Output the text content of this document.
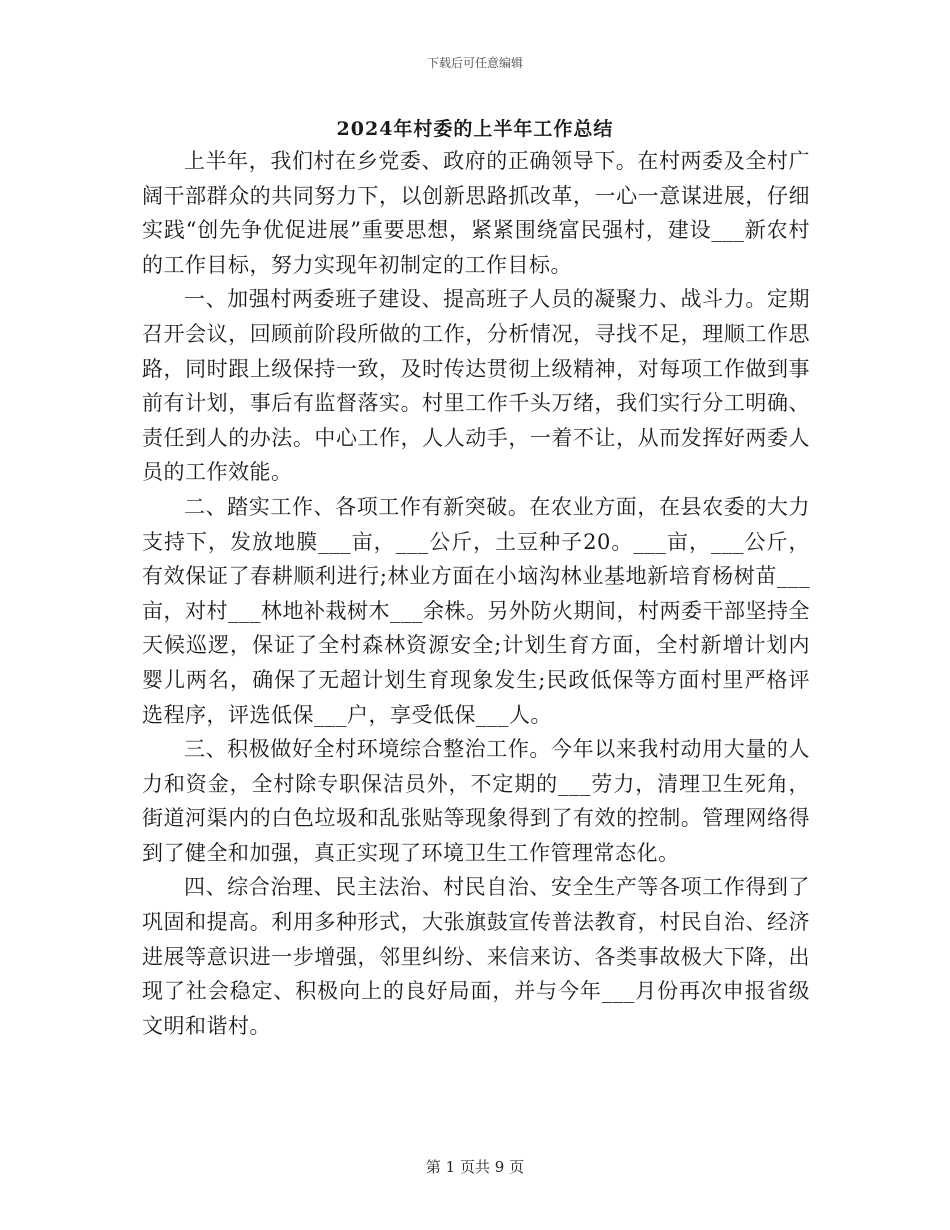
下载后可任意编辑
2024年村委的上半年工作总结

上半年，我们村在乡党委、政府的正确领导下。在村两委及全村广阔干部群众的共同努力下，以创新思路抓改革，一心一意谋进展，仔细实践“创先争优促进展”重要思想，紧紧围绕富民强村，建设___新农村的工作目标，努力实现年初制定的工作目标。

一、加强村两委班子建设、提高班子人员的凝聚力、战斗力。定期召开会议，回顾前阶段所做的工作，分析情况，寻找不足，理顺工作思路，同时跟上级保持一致，及时传达贯彻上级精神，对每项工作做到事前有计划，事后有监督落实。村里工作千头万绪，我们实行分工明确、责任到人的办法。中心工作，人人动手，一着不让，从而发挥好两委人员的工作效能。

二、踏实工作、各项工作有新突破。在农业方面，在县农委的大力支持下，发放地膜___亩，___公斤，土豆种子20。___亩，___公斤，有效保证了春耕顺利进行;林业方面在小垴沟林业基地新培育杨树苗___亩，对村___林地补栽树木___余株。另外防火期间，村两委干部坚持全天候巡逻，保证了全村森林资源安全;计划生育方面，全村新增计划内婴儿两名，确保了无超计划生育现象发生;民政低保等方面村里严格评选程序，评选低保___户，享受低保___人。

三、积极做好全村环境综合整治工作。今年以来我村动用大量的人力和资金，全村除专职保洁员外，不定期的___劳力，清理卫生死角，街道河渠内的白色垃圾和乱张贴等现象得到了有效的控制。管理网络得到了健全和加强，真正实现了环境卫生工作管理常态化。

四、综合治理、民主法治、村民自治、安全生产等各项工作得到了巩固和提高。利用多种形式，大张旗鼓宣传普法教育，村民自治、经济进展等意识进一步增强，邻里纠纷、来信来访、各类事故极大下降，出现了社会稳定、积极向上的良好局面，并与今年___月份再次申报省级文明和谐村。

第 1 页共 9 页
